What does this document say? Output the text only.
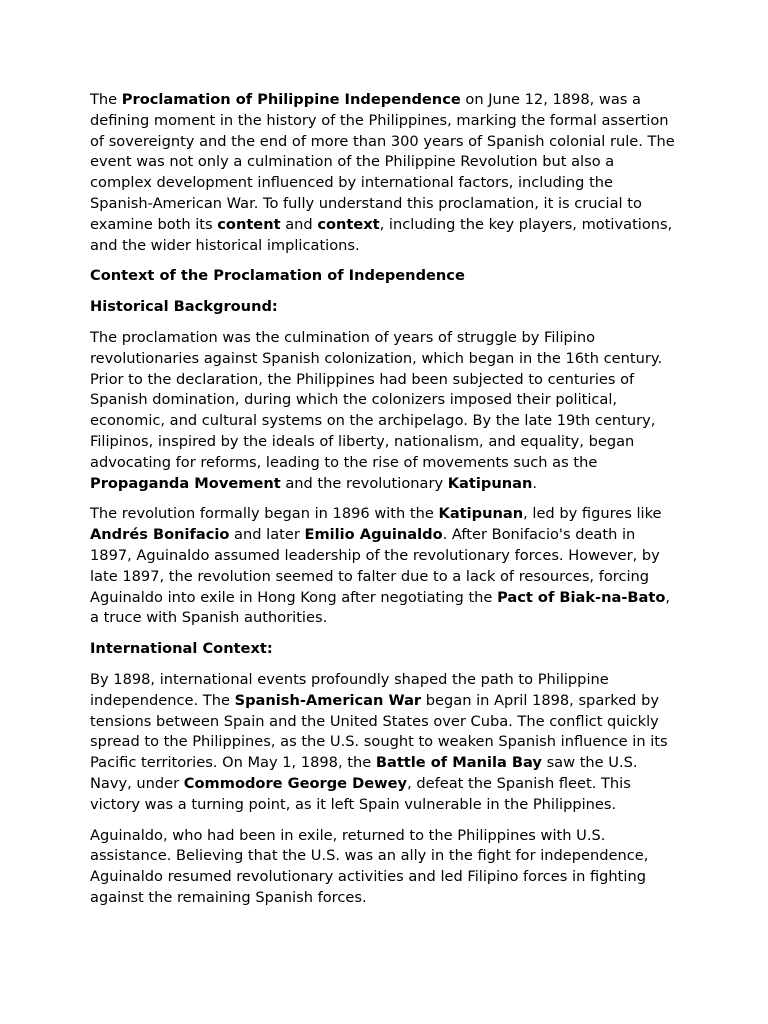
The Proclamation of Philippine Independence on June 12, 1898, was a defining moment in the history of the Philippines, marking the formal assertion of sovereignty and the end of more than 300 years of Spanish colonial rule. The event was not only a culmination of the Philippine Revolution but also a complex development influenced by international factors, including the Spanish-American War. To fully understand this proclamation, it is crucial to examine both its content and context, including the key players, motivations, and the wider historical implications.

Context of the Proclamation of Independence

Historical Background:

The proclamation was the culmination of years of struggle by Filipino revolutionaries against Spanish colonization, which began in the 16th century. Prior to the declaration, the Philippines had been subjected to centuries of Spanish domination, during which the colonizers imposed their political, economic, and cultural systems on the archipelago. By the late 19th century, Filipinos, inspired by the ideals of liberty, nationalism, and equality, began advocating for reforms, leading to the rise of movements such as the Propaganda Movement and the revolutionary Katipunan.

The revolution formally began in 1896 with the Katipunan, led by figures like Andrés Bonifacio and later Emilio Aguinaldo. After Bonifacio's death in 1897, Aguinaldo assumed leadership of the revolutionary forces. However, by late 1897, the revolution seemed to falter due to a lack of resources, forcing Aguinaldo into exile in Hong Kong after negotiating the Pact of Biak-na-Bato, a truce with Spanish authorities.

International Context:

By 1898, international events profoundly shaped the path to Philippine independence. The Spanish-American War began in April 1898, sparked by tensions between Spain and the United States over Cuba. The conflict quickly spread to the Philippines, as the U.S. sought to weaken Spanish influence in its Pacific territories. On May 1, 1898, the Battle of Manila Bay saw the U.S. Navy, under Commodore George Dewey, defeat the Spanish fleet. This victory was a turning point, as it left Spain vulnerable in the Philippines.

Aguinaldo, who had been in exile, returned to the Philippines with U.S. assistance. Believing that the U.S. was an ally in the fight for independence, Aguinaldo resumed revolutionary activities and led Filipino forces in fighting against the remaining Spanish forces.
